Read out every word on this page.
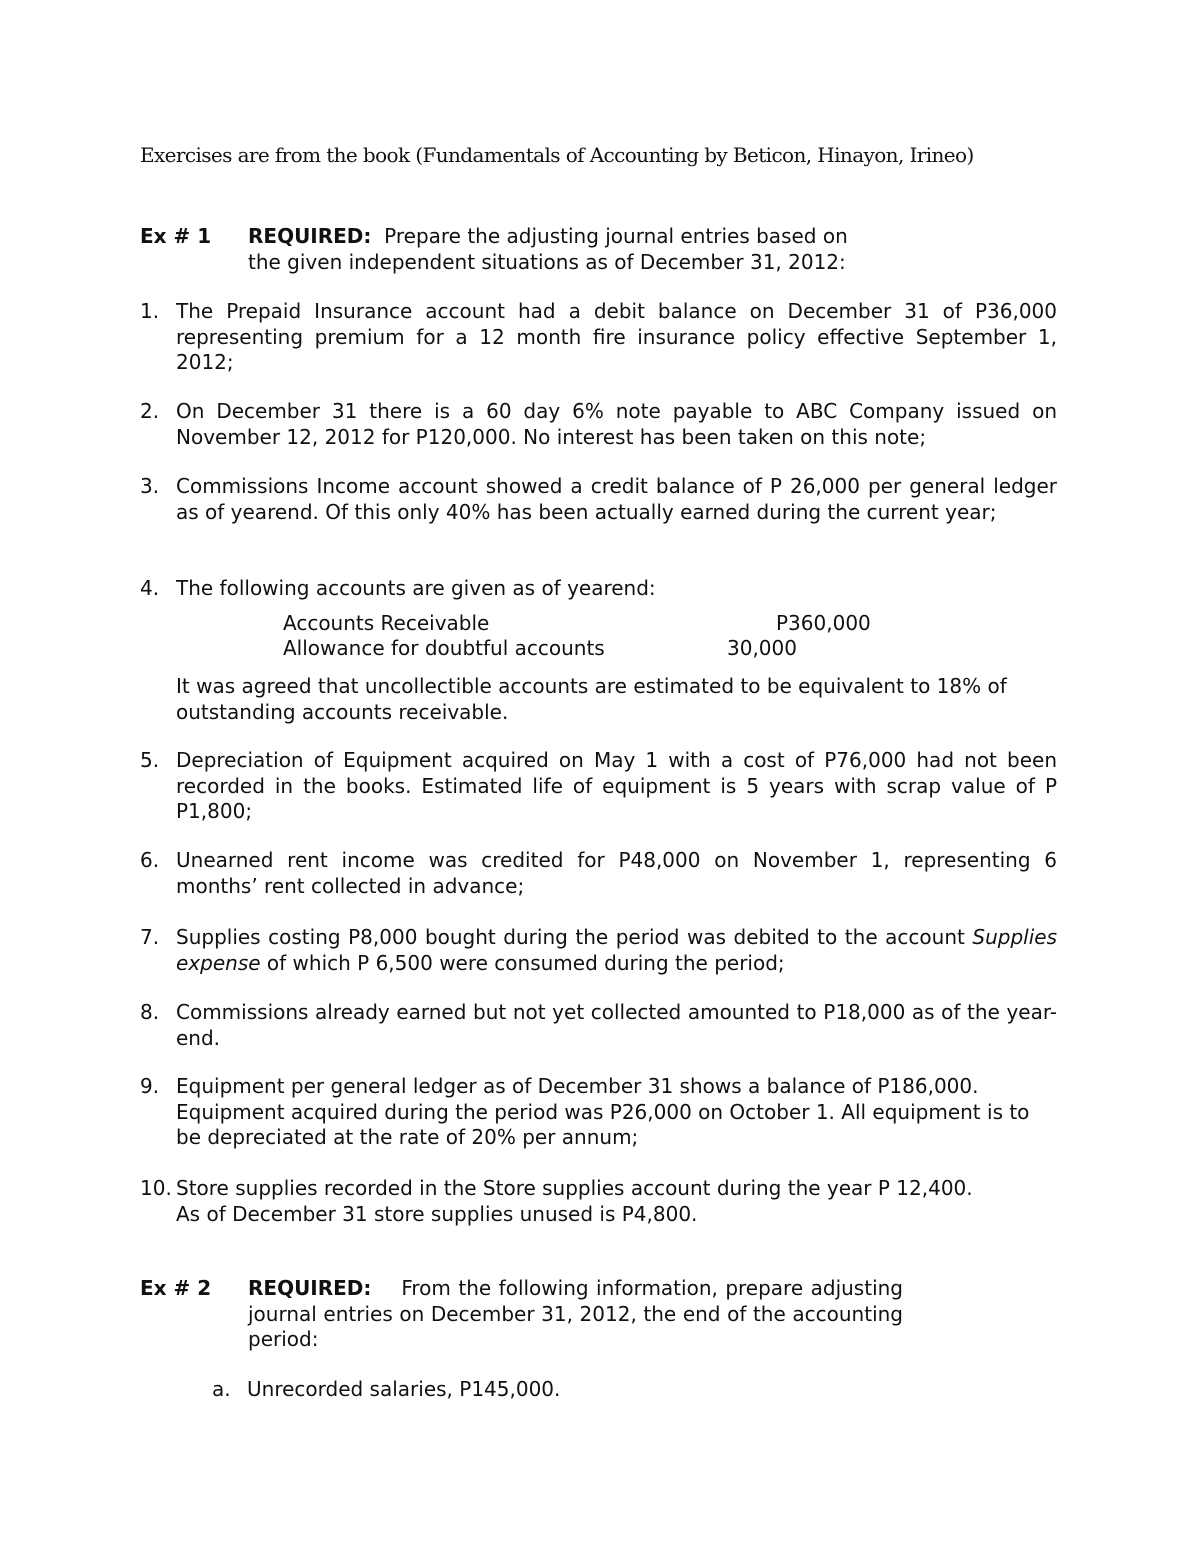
Exercises are from the book (Fundamentals of Accounting by Beticon, Hinayon, Irineo)
Ex # 1 REQUIRED: Prepare the adjusting journal entries based on
the given independent situations as of December 31, 2012:
1. The Prepaid Insurance account had a debit balance on December 31 of P36,000 representing premium for a 12 month fire insurance policy effective September 1, 2012;
2. On December 31 there is a 60 day 6% note payable to ABC Company issued on November 12, 2012 for P120,000. No interest has been taken on this note;
3. Commissions Income account showed a credit balance of P 26,000 per general ledger as of yearend. Of this only 40% has been actually earned during the current year;
4. The following accounts are given as of yearend:
Accounts Receivable	P360,000
Allowance for doubtful accounts	30,000
It was agreed that uncollectible accounts are estimated to be equivalent to 18% of outstanding accounts receivable.
5. Depreciation of Equipment acquired on May 1 with a cost of P76,000 had not been recorded in the books. Estimated life of equipment is 5 years with scrap value of P P1,800;
6. Unearned rent income was credited for P48,000 on November 1, representing 6 months’ rent collected in advance;
7. Supplies costing P8,000 bought during the period was debited to the account Supplies expense of which P 6,500 were consumed during the period;
8. Commissions already earned but not yet collected amounted to P18,000 as of the year-end.
9. Equipment per general ledger as of December 31 shows a balance of P186,000. Equipment acquired during the period was P26,000 on October 1. All equipment is to be depreciated at the rate of 20% per annum;
10. Store supplies recorded in the Store supplies account during the year P 12,400.
As of December 31 store supplies unused is P4,800.
Ex # 2 REQUIRED: From the following information, prepare adjusting journal entries on December 31, 2012, the end of the accounting period:
a. Unrecorded salaries, P145,000.
